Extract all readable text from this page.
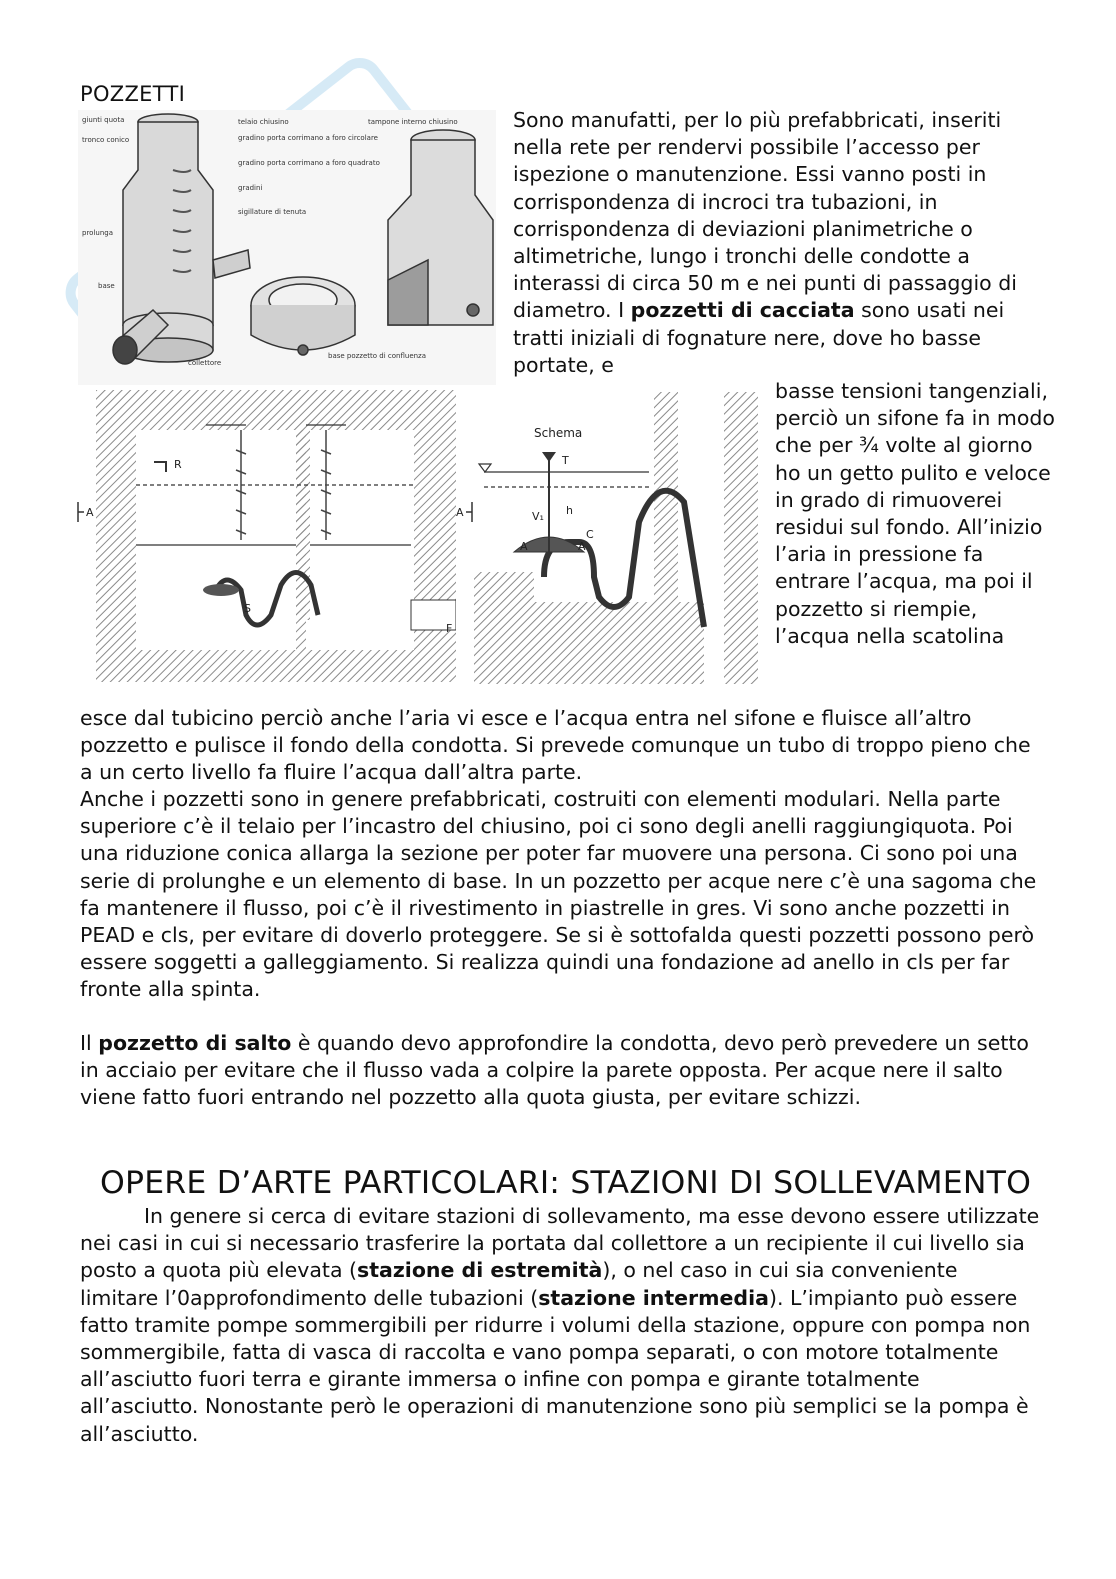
POZZETTI
giunti quota
tronco conico
prolunga
base
collettore
telaio chiusino
gradino porta corrimano a foro circolare
gradino porta corrimano a foro quadrato
gradini
sigillature di tenuta
tampone interno chiusino
base pozzetto di confluenza
R
S
F
A	A
Schema
T
A	A
C
h
V₁

Sono manufatti, per lo più prefabbricati, inseriti nella rete per rendervi possibile l’accesso per ispezione o manutenzione. Essi vanno posti in corrispondenza di incroci tra tubazioni, in corrispondenza di deviazioni planimetriche o altimetriche, lungo i tronchi delle condotte a interassi di circa 50 m e nei punti di passaggio di diametro. I pozzetti di cacciata sono usati nei tratti iniziali di fognature nere, dove ho basse portate, e

basse tensioni tangenziali, perciò un sifone fa in modo che per ¾ volte al giorno ho un getto pulito e veloce in grado di rimuoverei residui sul fondo. All’inizio l’aria in pressione fa entrare l’acqua, ma poi il pozzetto si riempie, l’acqua nella scatolina

esce dal tubicino perciò anche l’aria vi esce e l’acqua entra nel sifone e fluisce all’altro pozzetto e pulisce il fondo della condotta. Si prevede comunque un tubo di troppo pieno che a un certo livello fa fluire l’acqua dall’altra parte.

Anche i pozzetti sono in genere prefabbricati, costruiti con elementi modulari. Nella parte superiore c’è il telaio per l’incastro del chiusino, poi ci sono degli anelli raggiungiquota. Poi una riduzione conica allarga la sezione per poter far muovere una persona. Ci sono poi una serie di prolunghe e un elemento di base. In un pozzetto per acque nere c’è una sagoma che fa mantenere il flusso, poi c’è il rivestimento in piastrelle in gres. Vi sono anche pozzetti in PEAD e cls, per evitare di doverlo proteggere. Se si è sottofalda questi pozzetti possono però essere soggetti a galleggiamento. Si realizza quindi una fondazione ad anello in cls per far fronte alla spinta.

Il pozzetto di salto è quando devo approfondire la condotta, devo però prevedere un setto in acciaio per evitare che il flusso vada a colpire la parete opposta. Per acque nere il salto viene fatto fuori entrando nel pozzetto alla quota giusta, per evitare schizzi.

OPERE D’ARTE PARTICOLARI: STAZIONI DI SOLLEVAMENTO

In genere si cerca di evitare stazioni di sollevamento, ma esse devono essere utilizzate nei casi in cui si necessario trasferire la portata dal collettore a un recipiente il cui livello sia posto a quota più elevata (stazione di estremità), o nel caso in cui sia conveniente limitare l’0approfondimento delle tubazioni (stazione intermedia). L’impianto può essere fatto tramite pompe sommergibili per ridurre i volumi della stazione, oppure con pompa non sommergibile, fatta di vasca di raccolta e vano pompa separati, o con motore totalmente all’asciutto fuori terra e girante immersa o infine con pompa e girante totalmente all’asciutto. Nonostante però le operazioni di manutenzione sono più semplici se la pompa è all’asciutto.
